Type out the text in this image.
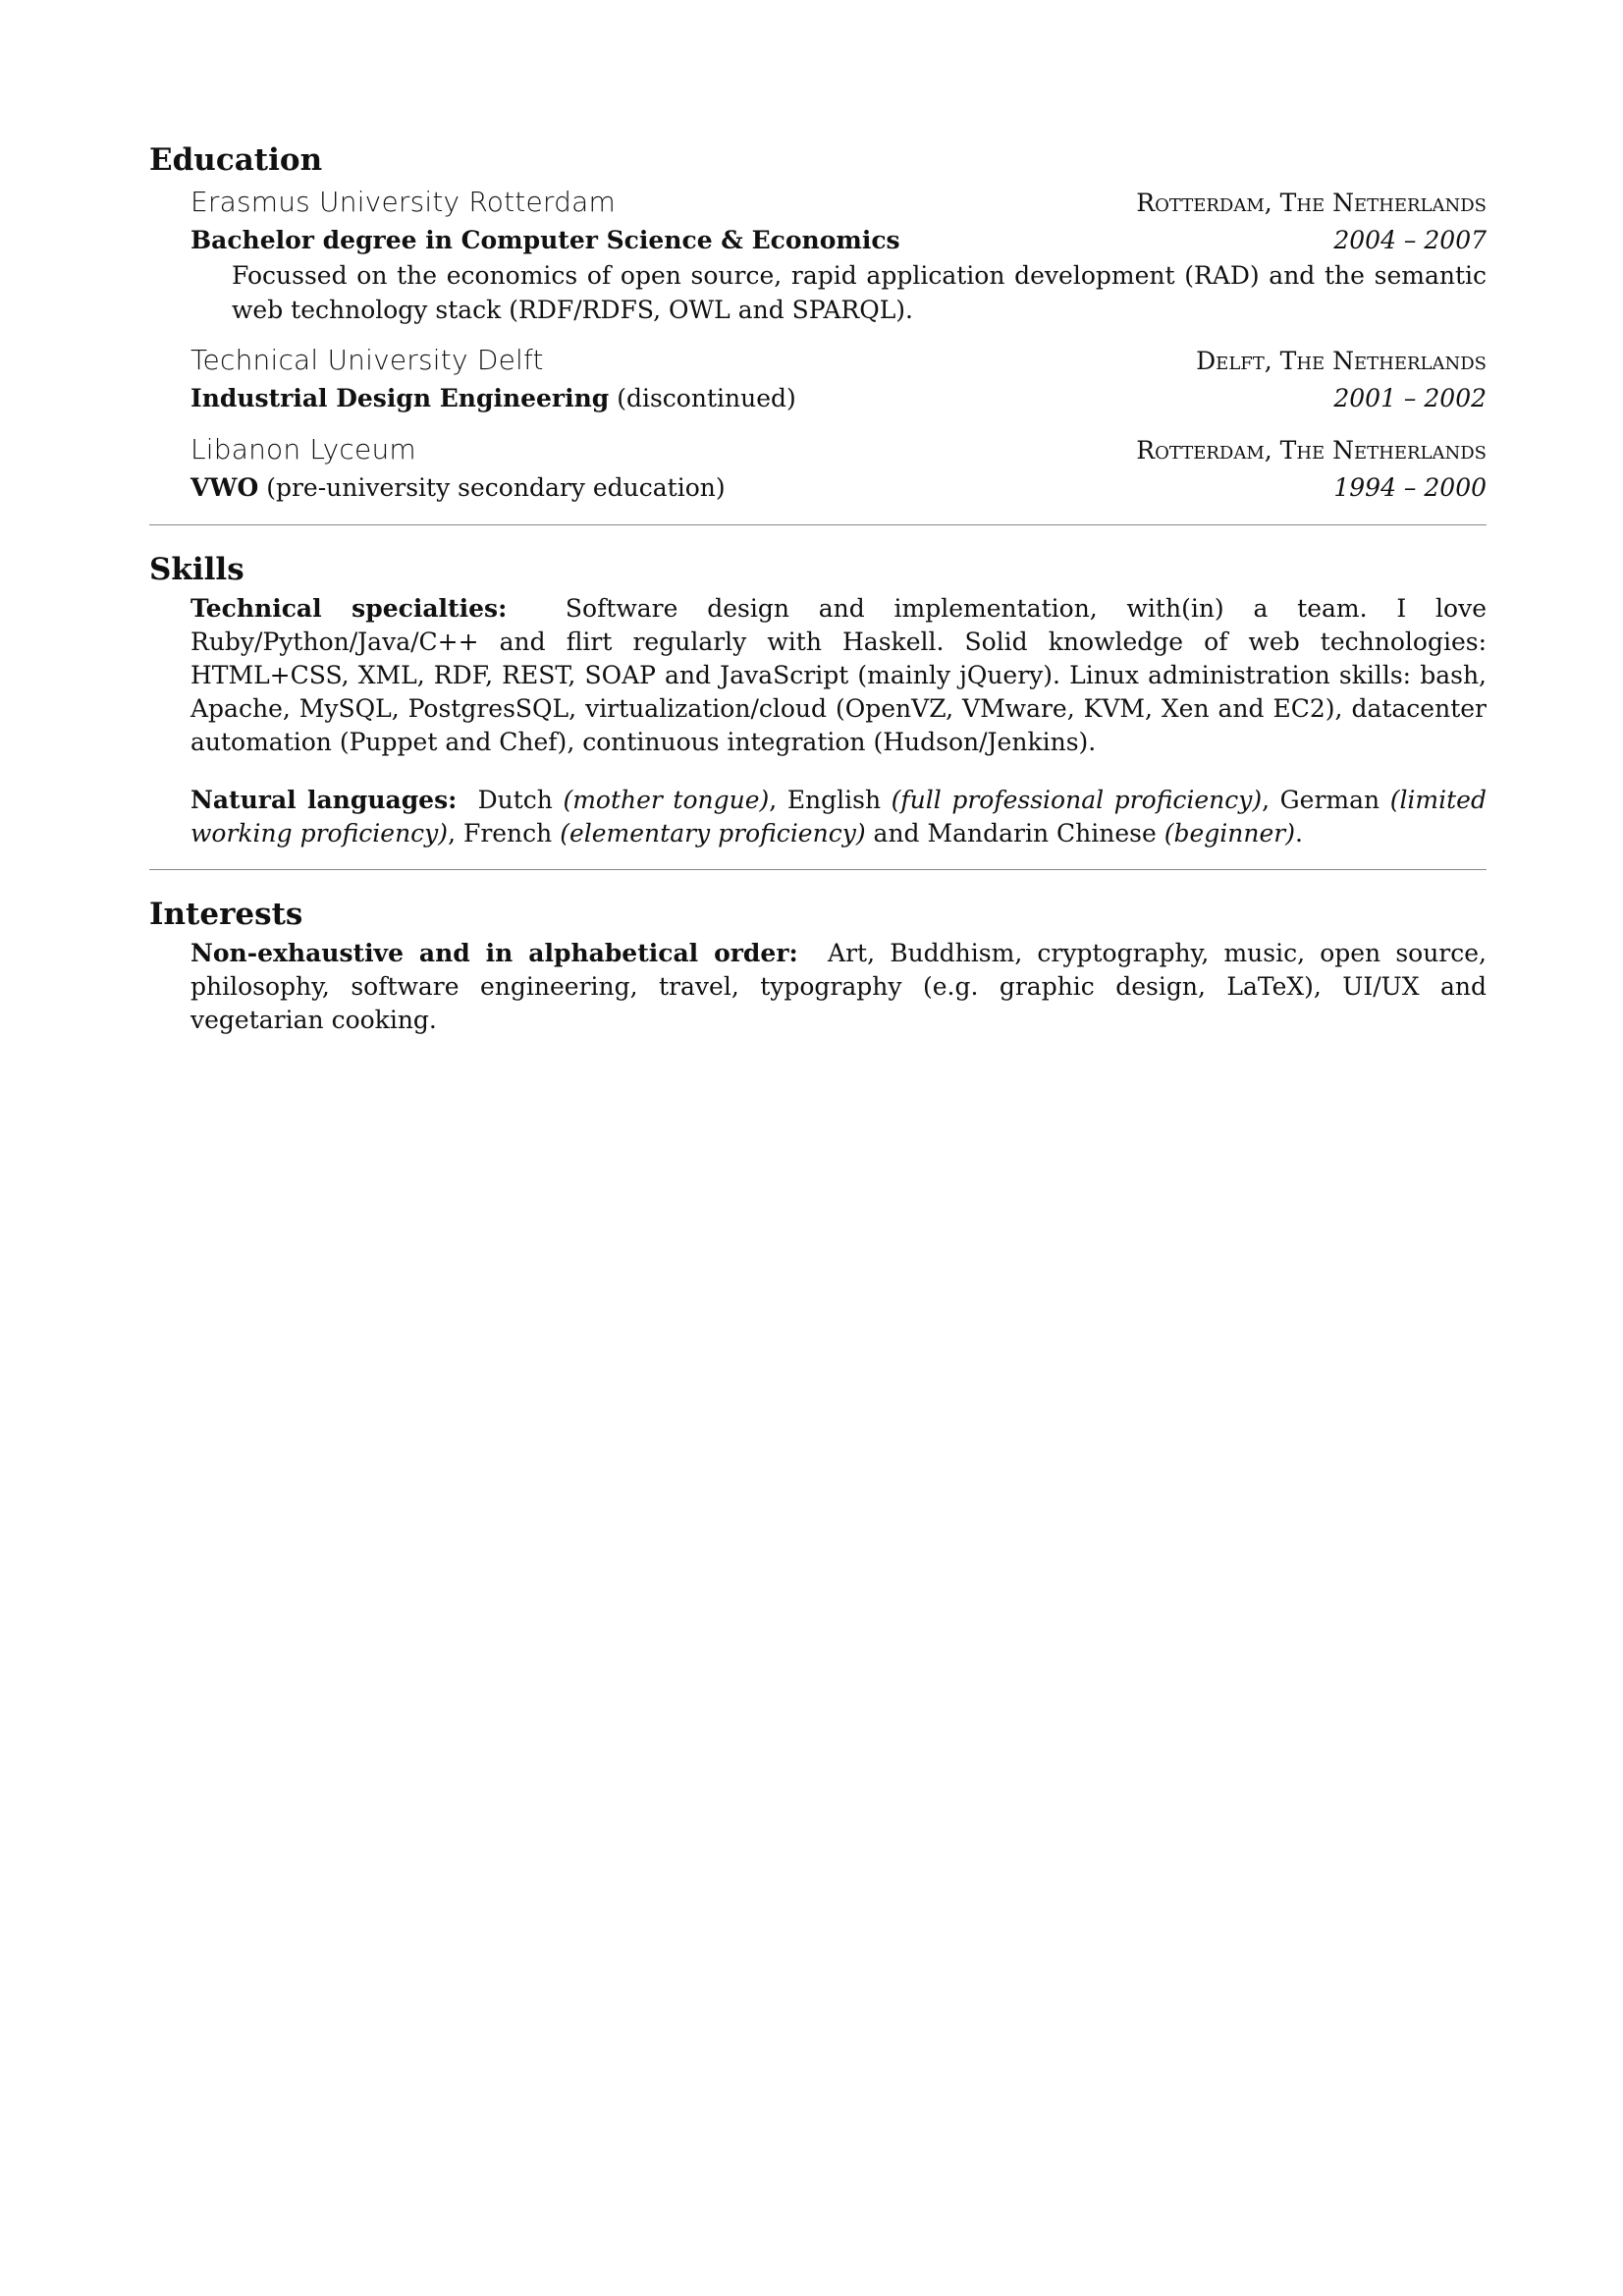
Education
Erasmus University Rotterdam	Rotterdam, The Netherlands
Bachelor degree in Computer Science & Economics	2004 – 2007
Focussed on the economics of open source, rapid application development (RAD) and the semantic web technology stack (RDF/RDFS, OWL and SPARQL).
Technical University Delft	Delft, The Netherlands
Industrial Design Engineering (discontinued)	2001 – 2002
Libanon Lyceum	Rotterdam, The Netherlands
VWO (pre-university secondary education)	1994 – 2000
Skills

Technical specialties: Software design and implementation, with(in) a team. I love Ruby/Python/Java/C++ and flirt regularly with Haskell. Solid knowledge of web technologies: HTML+CSS, XML, RDF, REST, SOAP and JavaScript (mainly jQuery). Linux administration skills: bash, Apache, MySQL, PostgresSQL, virtualization/cloud (OpenVZ, VMware, KVM, Xen and EC2), datacenter automation (Puppet and Chef), continuous integration (Hudson/Jenkins).

Natural languages: Dutch (mother tongue), English (full professional proficiency), German (limited working proficiency), French (elementary proficiency) and Mandarin Chinese (beginner).

Interests

Non-exhaustive and in alphabetical order: Art, Buddhism, cryptography, music, open source, philosophy, software engineering, travel, typography (e.g. graphic design, LaTeX), UI/UX and vegetarian cooking.
